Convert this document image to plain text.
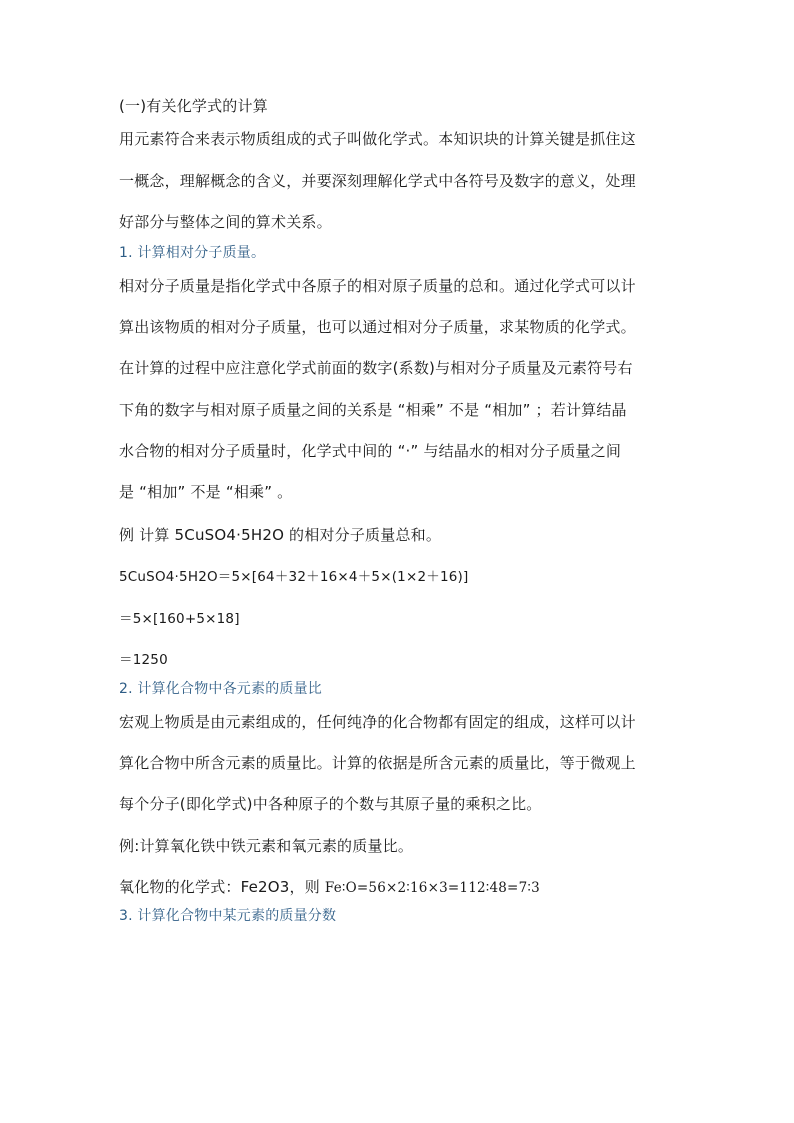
(一)有关化学式的计算
用元素符合来表示物质组成的式子叫做化学式。本知识块的计算关键是抓住这
一概念，理解概念的含义，并要深刻理解化学式中各符号及数字的意义，处理
好部分与整体之间的算术关系。
1. 计算相对分子质量。
相对分子质量是指化学式中各原子的相对原子质量的总和。通过化学式可以计
算出该物质的相对分子质量，也可以通过相对分子质量，求某物质的化学式。
在计算的过程中应注意化学式前面的数字(系数)与相对分子质量及元素符号右
下角的数字与相对原子质量之间的关系是 “相乘” 不是 “相加” ；若计算结晶
水合物的相对分子质量时，化学式中间的 “·” 与结晶水的相对分子质量之间
是 “相加” 不是 “相乘” 。
例 计算 5CuSO4·5H2O 的相对分子质量总和。
5CuSO4·5H2O＝5×[64＋32＋16×4＋5×(1×2＋16)]
＝5×[160+5×18]
＝1250
2. 计算化合物中各元素的质量比
宏观上物质是由元素组成的，任何纯净的化合物都有固定的组成，这样可以计
算化合物中所含元素的质量比。计算的依据是所含元素的质量比，等于微观上
每个分子(即化学式)中各种原子的个数与其原子量的乘积之比。
例:计算氧化铁中铁元素和氧元素的质量比。
氧化物的化学式：Fe2O3，则 Fe∶O=56×2∶16×3=112∶48=7∶3
3. 计算化合物中某元素的质量分数
